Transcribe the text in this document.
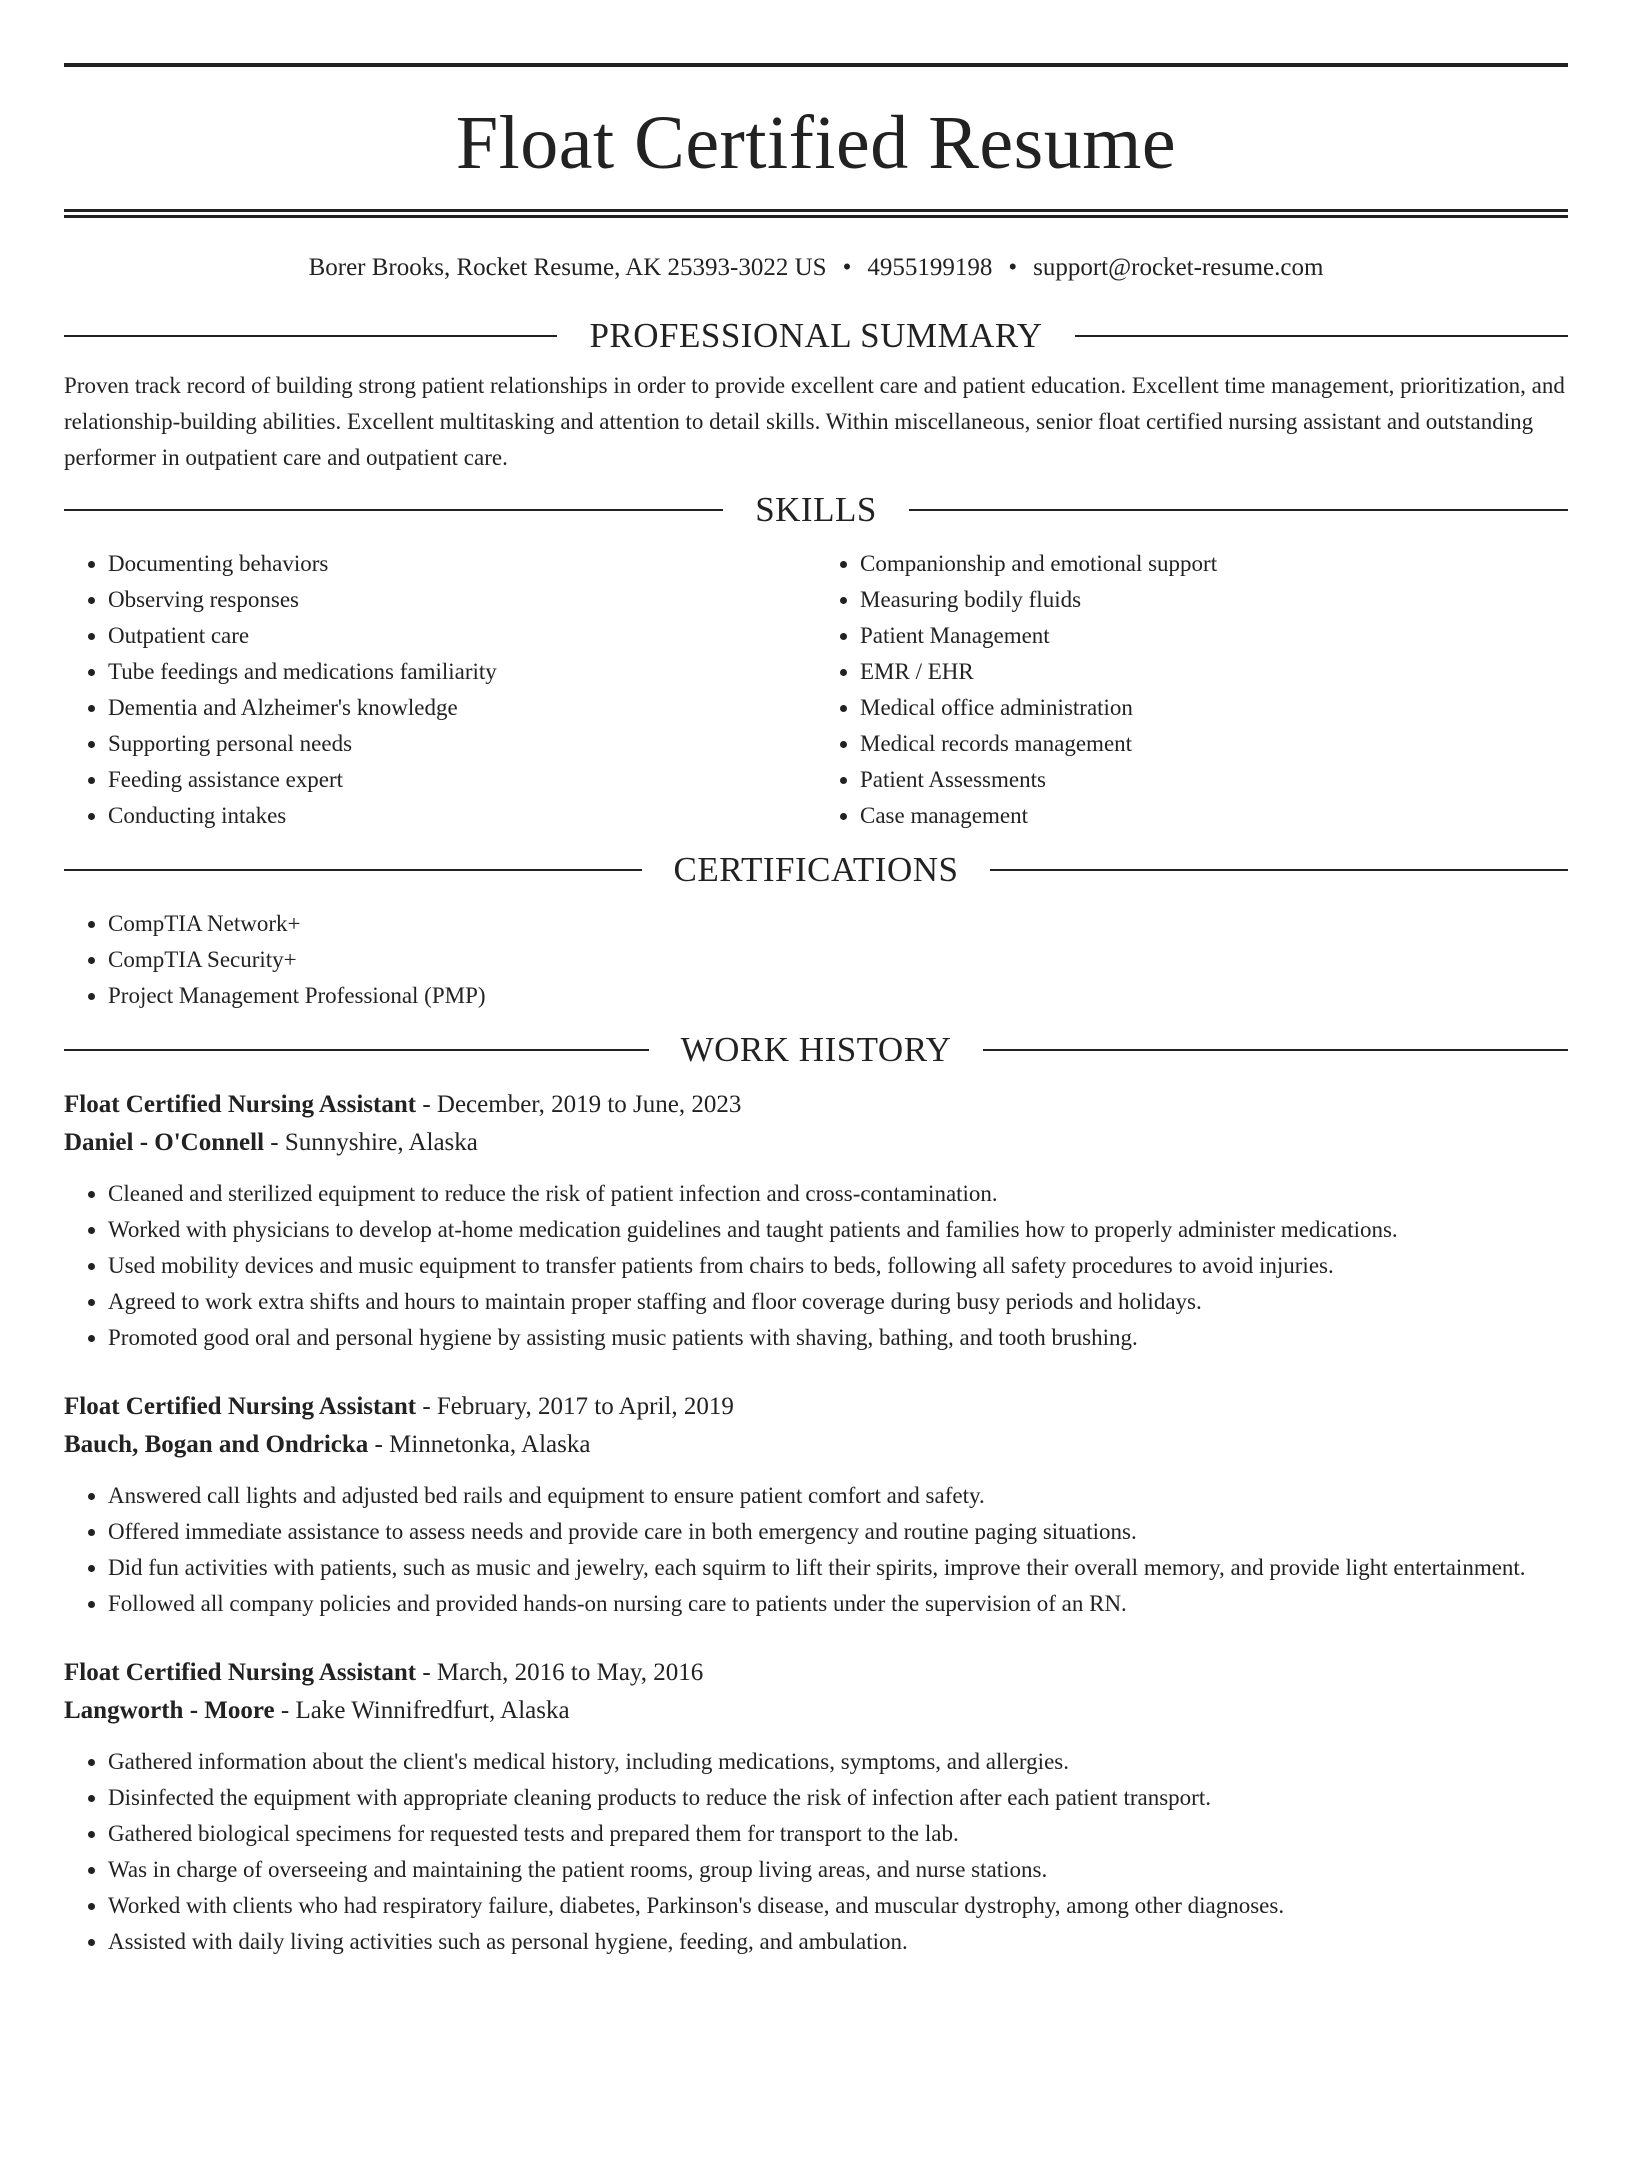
Float Certified Resume
Borer Brooks, Rocket Resume, AK 25393-3022 US • 4955199198 • support@rocket-resume.com
PROFESSIONAL SUMMARY

Proven track record of building strong patient relationships in order to provide excellent care and patient education. Excellent time management, prioritization, and relationship-building abilities. Excellent multitasking and attention to detail skills. Within miscellaneous, senior float certified nursing assistant and outstanding performer in outpatient care and outpatient care.

SKILLS
• Documenting behaviors
• Observing responses
• Outpatient care
• Tube feedings and medications familiarity
• Dementia and Alzheimer's knowledge
• Supporting personal needs
• Feeding assistance expert
• Conducting intakes
• Companionship and emotional support
• Measuring bodily fluids
• Patient Management
• EMR / EHR
• Medical office administration
• Medical records management
• Patient Assessments
• Case management
CERTIFICATIONS
• CompTIA Network+
• CompTIA Security+
• Project Management Professional (PMP)
WORK HISTORY
Float Certified Nursing Assistant - December, 2019 to June, 2023
Daniel - O'Connell - Sunnyshire, Alaska
• Cleaned and sterilized equipment to reduce the risk of patient infection and cross-contamination.
• Worked with physicians to develop at-home medication guidelines and taught patients and families how to properly administer medications.
• Used mobility devices and music equipment to transfer patients from chairs to beds, following all safety procedures to avoid injuries.
• Agreed to work extra shifts and hours to maintain proper staffing and floor coverage during busy periods and holidays.
• Promoted good oral and personal hygiene by assisting music patients with shaving, bathing, and tooth brushing.
Float Certified Nursing Assistant - February, 2017 to April, 2019
Bauch, Bogan and Ondricka - Minnetonka, Alaska
• Answered call lights and adjusted bed rails and equipment to ensure patient comfort and safety.
• Offered immediate assistance to assess needs and provide care in both emergency and routine paging situations.
• Did fun activities with patients, such as music and jewelry, each squirm to lift their spirits, improve their overall memory, and provide light entertainment.
• Followed all company policies and provided hands-on nursing care to patients under the supervision of an RN.
Float Certified Nursing Assistant - March, 2016 to May, 2016
Langworth - Moore - Lake Winnifredfurt, Alaska
• Gathered information about the client's medical history, including medications, symptoms, and allergies.
• Disinfected the equipment with appropriate cleaning products to reduce the risk of infection after each patient transport.
• Gathered biological specimens for requested tests and prepared them for transport to the lab.
• Was in charge of overseeing and maintaining the patient rooms, group living areas, and nurse stations.
• Worked with clients who had respiratory failure, diabetes, Parkinson's disease, and muscular dystrophy, among other diagnoses.
• Assisted with daily living activities such as personal hygiene, feeding, and ambulation.
